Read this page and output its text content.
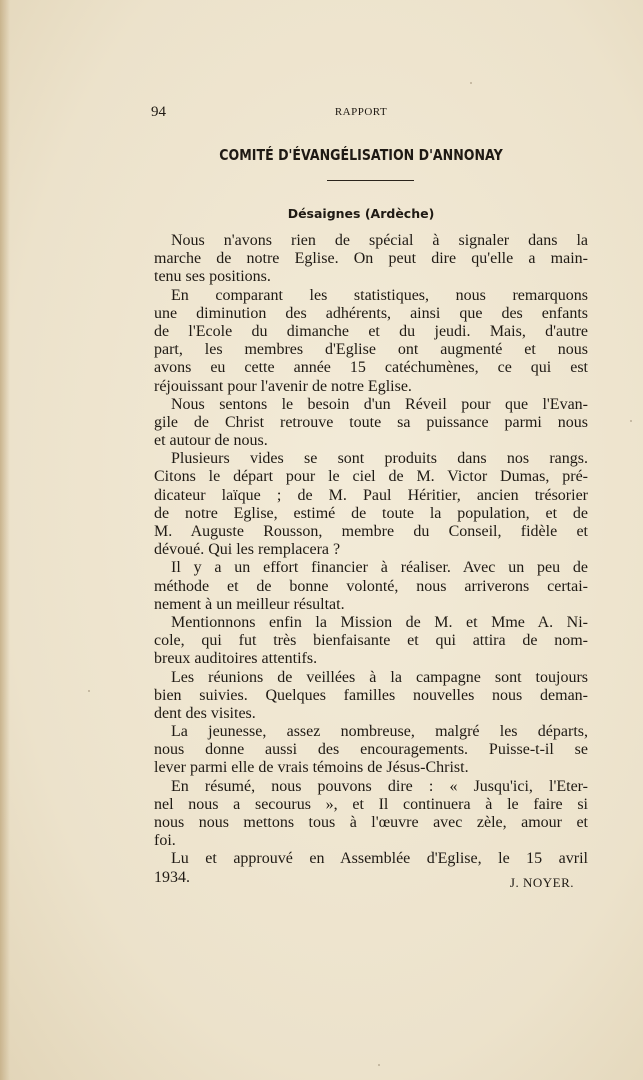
94	RAPPORT
COMITÉ D'ÉVANGÉLISATION D'ANNONAY
Désaignes (Ardèche)
Nous n'avons rien de spécial à signaler dans la
marche de notre Eglise. On peut dire qu'elle a main-
tenu ses positions.
En comparant les statistiques, nous remarquons
une diminution des adhérents, ainsi que des enfants
de l'Ecole du dimanche et du jeudi. Mais, d'autre
part, les membres d'Eglise ont augmenté et nous
avons eu cette année 15 catéchumènes, ce qui est
réjouissant pour l'avenir de notre Eglise.
Nous sentons le besoin d'un Réveil pour que l'Evan-
gile de Christ retrouve toute sa puissance parmi nous
et autour de nous.
Plusieurs vides se sont produits dans nos rangs.
Citons le départ pour le ciel de M. Victor Dumas, pré-
dicateur laïque ; de M. Paul Héritier, ancien trésorier
de notre Eglise, estimé de toute la population, et de
M. Auguste Rousson, membre du Conseil, fidèle et
dévoué. Qui les remplacera ?
Il y a un effort financier à réaliser. Avec un peu de
méthode et de bonne volonté, nous arriverons certai-
nement à un meilleur résultat.
Mentionnons enfin la Mission de M. et Mme A. Ni-
cole, qui fut très bienfaisante et qui attira de nom-
breux auditoires attentifs.
Les réunions de veillées à la campagne sont toujours
bien suivies. Quelques familles nouvelles nous deman-
dent des visites.
La jeunesse, assez nombreuse, malgré les départs,
nous donne aussi des encouragements. Puisse-t-il se
lever parmi elle de vrais témoins de Jésus-Christ.
En résumé, nous pouvons dire : « Jusqu'ici, l'Eter-
nel nous a secourus », et Il continuera à le faire si
nous nous mettons tous à l'œuvre avec zèle, amour et
foi.
Lu et approuvé en Assemblée d'Eglise, le 15 avril
1934.	J. NOYER.
